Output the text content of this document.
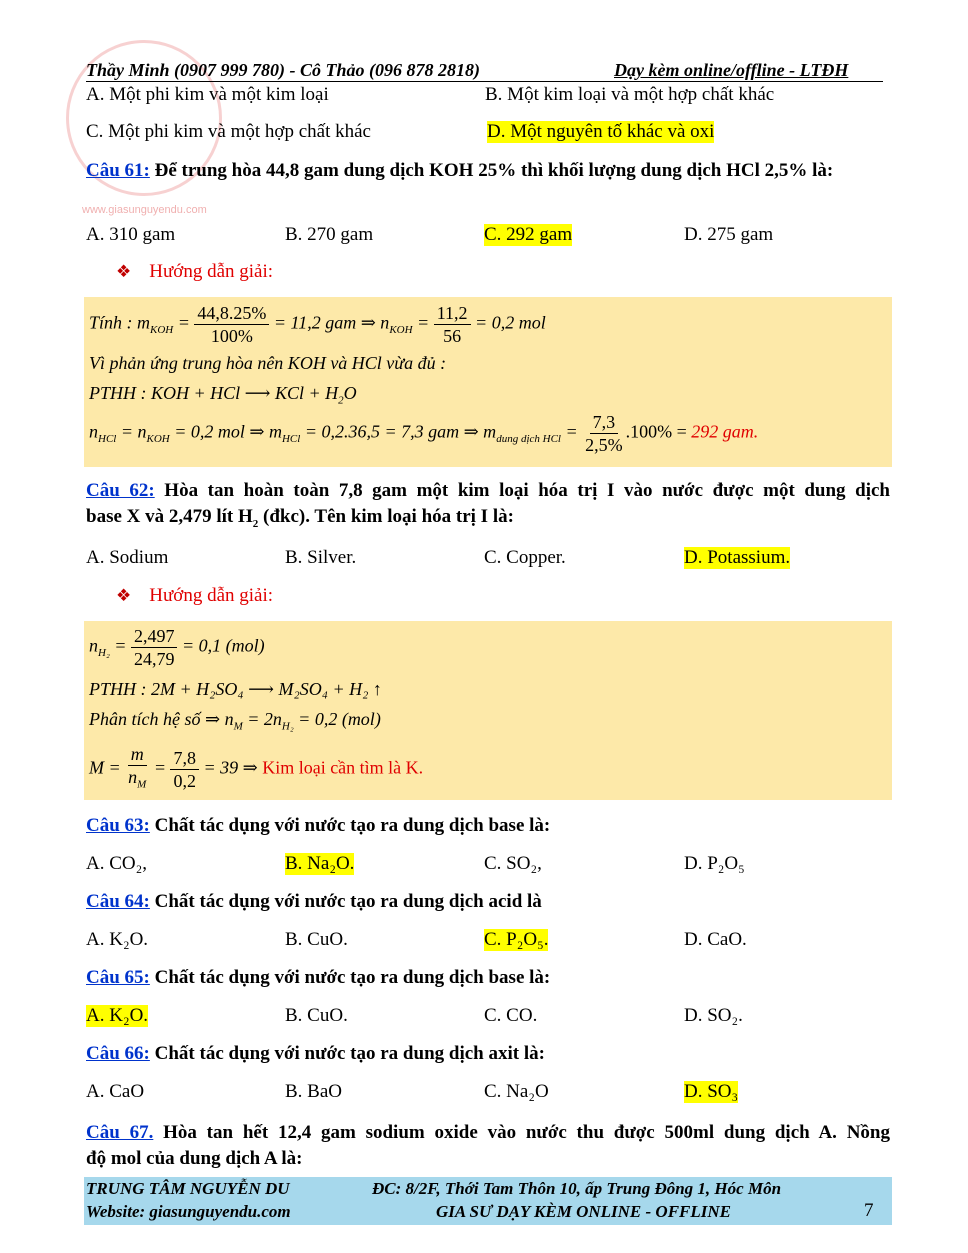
www.giasunguyendu.com
Thầy Minh (0907 999 780) - Cô Thảo (096 878 2818)	Dạy kèm online/offline - LTĐH
A. Một phi kim và một kim loại	B. Một kim loại và một hợp chất khác
C. Một phi kim và một hợp chất khác	D. Một nguyên tố khác và oxi
Câu 61: Để trung hòa 44,8 gam dung dịch KOH 25% thì khối lượng dung dịch HCl 2,5% là:
A. 310 gam	B. 270 gam	C. 292 gam	D. 275 gam
❖ Hướng dẫn giải:
Tính : $m_{KOH} = \frac{44,8.25\%}{100\%} = 11,2$ gam ⇒ $n_{KOH} = \frac{11,2}{56} = 0,2$ mol
Vì phản ứng trung hòa nên KOH và HCl vừa đủ :
PTHH : KOH + HCl ⟶ KCl + $H_2O$
$n_{HCl} = n_{KOH} = 0,2$ mol ⇒ $m_{HCl} = 0,2.36,5 = 7,3$ gam ⇒ $m_{dung dịch HCl} = \frac{7,3}{2,5\%} .100\% = 292$ gam.
Câu 62: Hòa tan hoàn toàn 7,8 gam một kim loại hóa trị I vào nước được một dung dịch
base X và 2,479 lít $H_2$ (đkc). Tên kim loại hóa trị I là:
A. Sodium	B. Silver.	C. Copper.	D. Potassium.
❖ Hướng dẫn giải:
$n_{H_2} = \frac{2,497}{24,79} = 0,1$ (mol)
PTHH : 2M + H₂SO₄ ⟶ M₂SO₄ + H₂ ↑
Phân tích hệ số ⇒ $n_M = 2n_{H_2} = 0,2$ (mol)
$M = \frac{m}{n_M} = \frac{7,8}{0,2} = 39$ ⇒ Kim loại cần tìm là K.
Câu 63: Chất tác dụng với nước tạo ra dung dịch base là:
A. CO₂,	B. Na₂O.	C. SO₂,	D. P₂O₅
Câu 64: Chất tác dụng với nước tạo ra dung dịch acid là
A. K₂O.	B. CuO.	C. P₂O₅.	D. CaO.
Câu 65: Chất tác dụng với nước tạo ra dung dịch base là:
A. K₂O.	B. CuO.	C. CO.	D. SO₂.
Câu 66: Chất tác dụng với nước tạo ra dung dịch axit là:
A. CaO	B. BaO	C. Na₂O	D. SO₃
Câu 67. Hòa tan hết 12,4 gam sodium oxide vào nước thu được 500ml dung dịch A. Nồng
độ mol của dung dịch A là:
TRUNG TÂM NGUYỄN DU
Website: giasunguyendu.com
ĐC: 8/2F, Thới Tam Thôn 10, ấp Trung Đông 1, Hóc Môn
GIA SƯ DẠY KÈM ONLINE - OFFLINE	7
